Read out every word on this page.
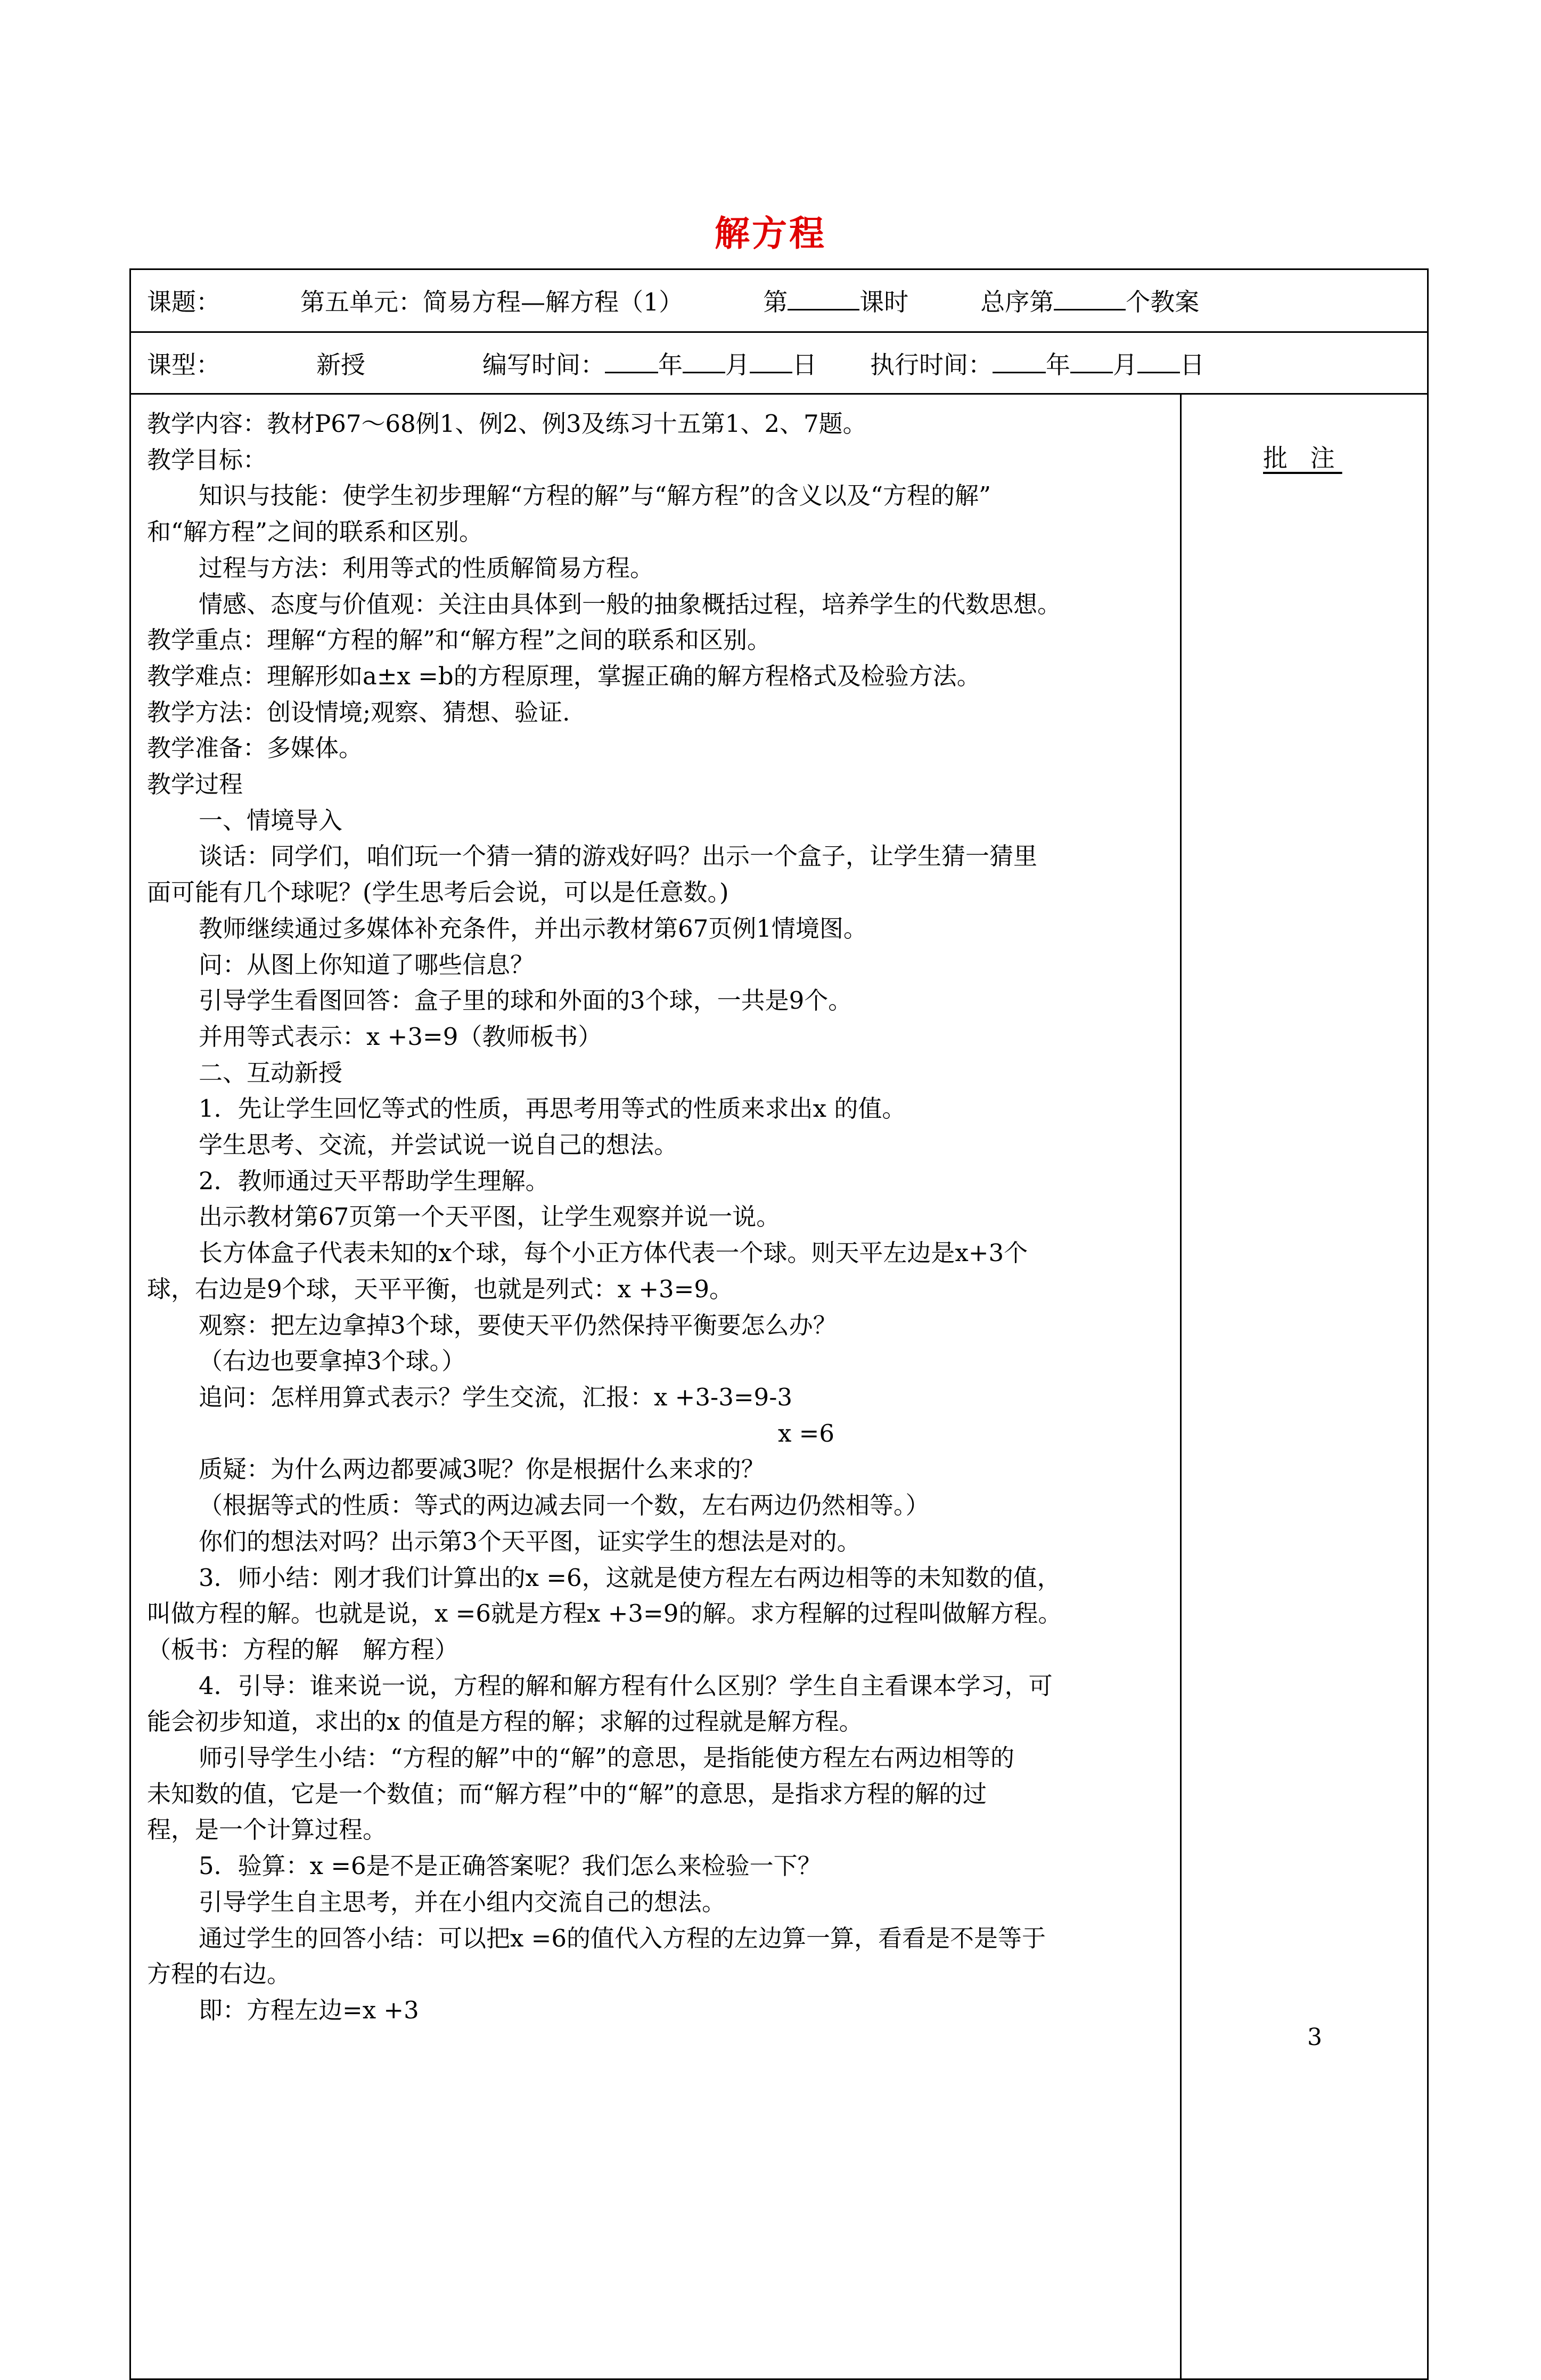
解方程
课题：	第五单元：简易方程—解方程（1）	第	课时	总序第	个教案
课型：	新授	编写时间： 年 月 日 执行时间： 年 月 日

教学内容：教材P67～68例1、例2、例3及练习十五第1、2、7题。

教学目标：

知识与技能：使学生初步理解“方程的解”与“解方程”的含义以及“方程的解”

和“解方程”之间的联系和区别。

过程与方法：利用等式的性质解简易方程。

情感、态度与价值观：关注由具体到一般的抽象概括过程，培养学生的代数思想。

教学重点：理解“方程的解”和“解方程”之间的联系和区别。

教学难点：理解形如a±x =b的方程原理，掌握正确的解方程格式及检验方法。

教学方法：创设情境;观察、猜想、验证.

教学准备：多媒体。

教学过程

一、情境导入

谈话：同学们，咱们玩一个猜一猜的游戏好吗？出示一个盒子，让学生猜一猜里

面可能有几个球呢？(学生思考后会说，可以是任意数。)

教师继续通过多媒体补充条件，并出示教材第67页例1情境图。

问：从图上你知道了哪些信息？

引导学生看图回答：盒子里的球和外面的3个球，一共是9个。

并用等式表示：x +3=9（教师板书）

二、互动新授

1．先让学生回忆等式的性质，再思考用等式的性质来求出x 的值。

学生思考、交流，并尝试说一说自己的想法。

2．教师通过天平帮助学生理解。

出示教材第67页第一个天平图，让学生观察并说一说。

长方体盒子代表未知的x个球，每个小正方体代表一个球。则天平左边是x+3个

球，右边是9个球，天平平衡，也就是列式：x +3=9。

观察：把左边拿掉3个球，要使天平仍然保持平衡要怎么办？

（右边也要拿掉3个球。）

追问：怎样用算式表示？学生交流，汇报：x +3-3=9-3

x =6

质疑：为什么两边都要减3呢？你是根据什么来求的？

（根据等式的性质：等式的两边减去同一个数，左右两边仍然相等。）

你们的想法对吗？出示第3个天平图，证实学生的想法是对的。

3．师小结：刚才我们计算出的x =6，这就是使方程左右两边相等的未知数的值，

叫做方程的解。也就是说，x =6就是方程x +3=9的解。求方程解的过程叫做解方程。

（板书：方程的解　解方程）

4．引导：谁来说一说，方程的解和解方程有什么区别？学生自主看课本学习，可

能会初步知道，求出的x 的值是方程的解；求解的过程就是解方程。

师引导学生小结：“方程的解”中的“解”的意思，是指能使方程左右两边相等的

未知数的值，它是一个数值；而“解方程”中的“解”的意思，是指求方程的解的过

程，是一个计算过程。

5．验算：x =6是不是正确答案呢？我们怎么来检验一下？

引导学生自主思考，并在小组内交流自己的想法。

通过学生的回答小结：可以把x =6的值代入方程的左边算一算，看看是不是等于

方程的右边。

即：方程左边=x +3

批 注
3
